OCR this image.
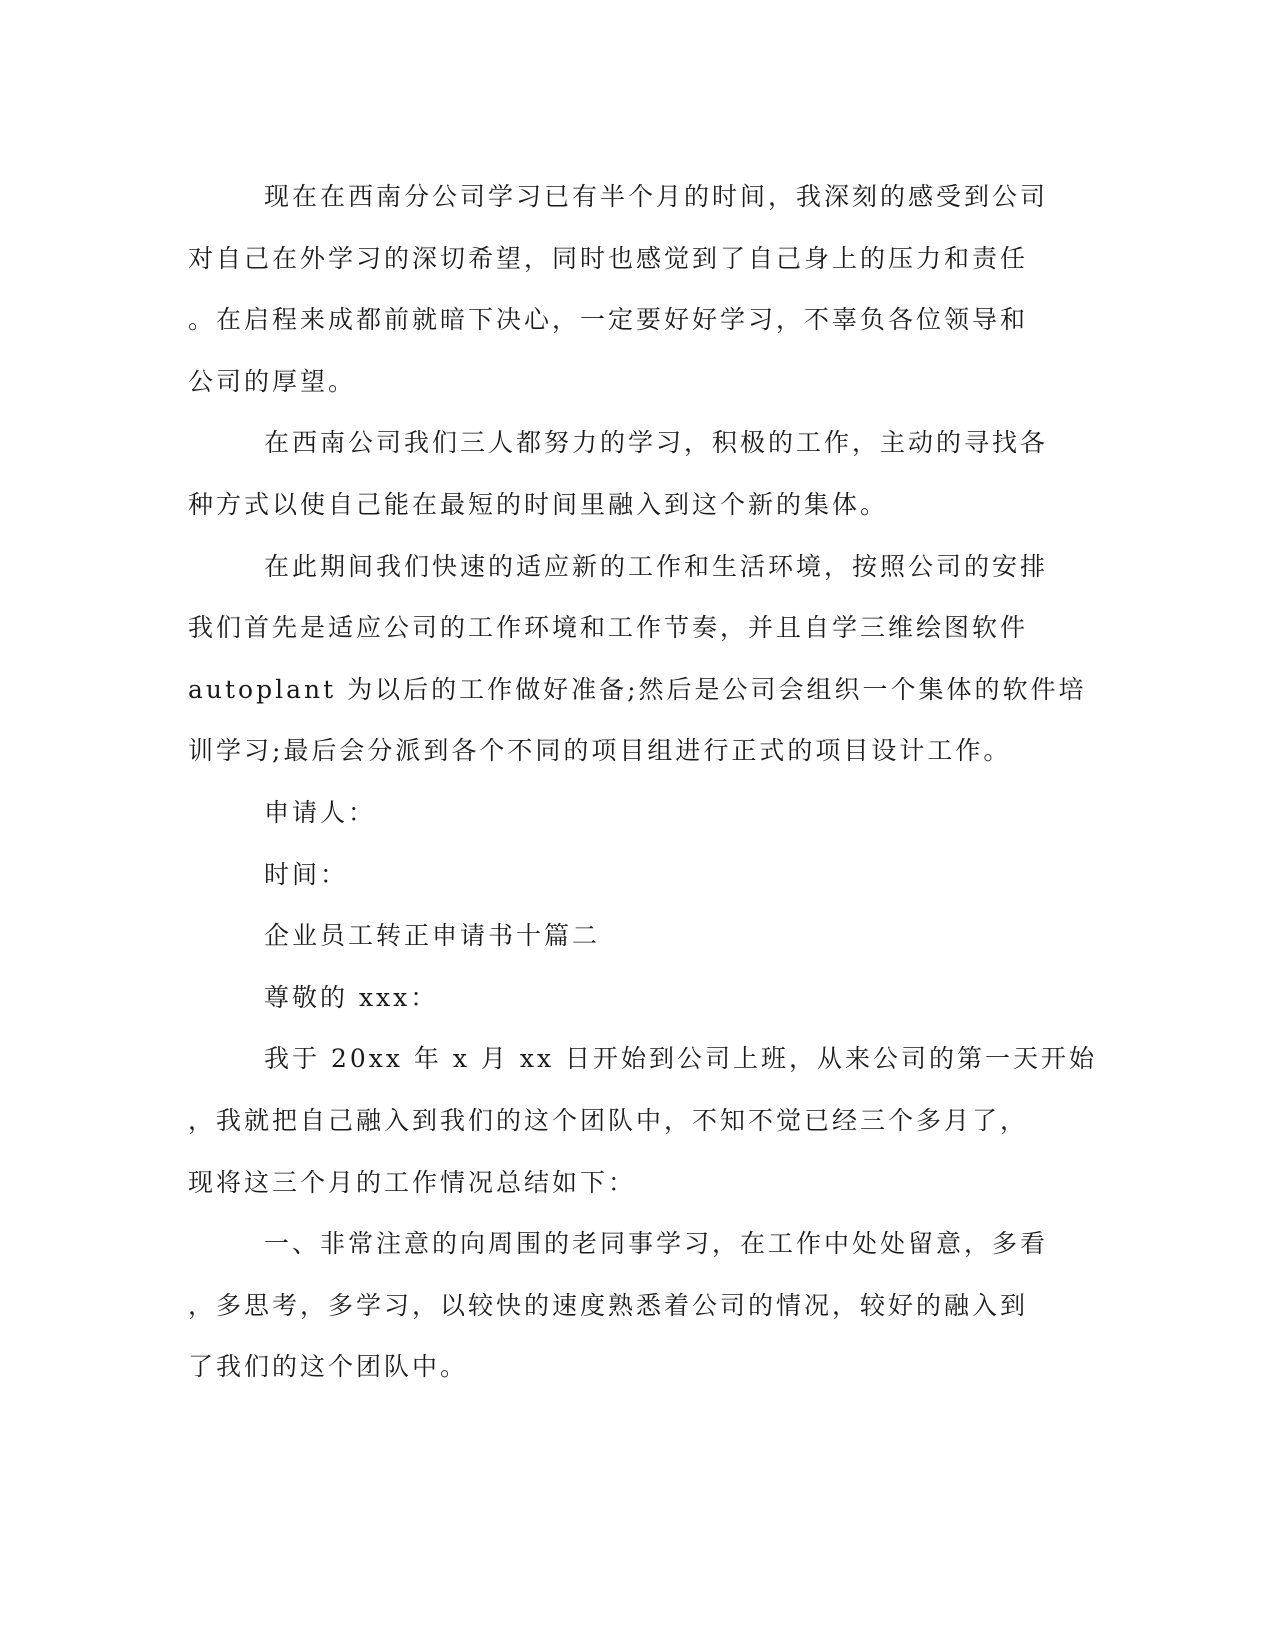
现在在西南分公司学习已有半个月的时间，我深刻的感受到公司
对自己在外学习的深切希望，同时也感觉到了自己身上的压力和责任
。在启程来成都前就暗下决心，一定要好好学习，不辜负各位领导和
公司的厚望。
在西南公司我们三人都努力的学习，积极的工作，主动的寻找各
种方式以使自己能在最短的时间里融入到这个新的集体。
在此期间我们快速的适应新的工作和生活环境，按照公司的安排
我们首先是适应公司的工作环境和工作节奏，并且自学三维绘图软件
autoplant 为以后的工作做好准备;然后是公司会组织一个集体的软件培
训学习;最后会分派到各个不同的项目组进行正式的项目设计工作。
申请人：
时间：
企业员工转正申请书十篇二
尊敬的 xxx：
我于 20xx 年 x 月 xx 日开始到公司上班，从来公司的第一天开始
，我就把自己融入到我们的这个团队中，不知不觉已经三个多月了，
现将这三个月的工作情况总结如下：
一、非常注意的向周围的老同事学习，在工作中处处留意，多看
，多思考，多学习，以较快的速度熟悉着公司的情况，较好的融入到
了我们的这个团队中。
